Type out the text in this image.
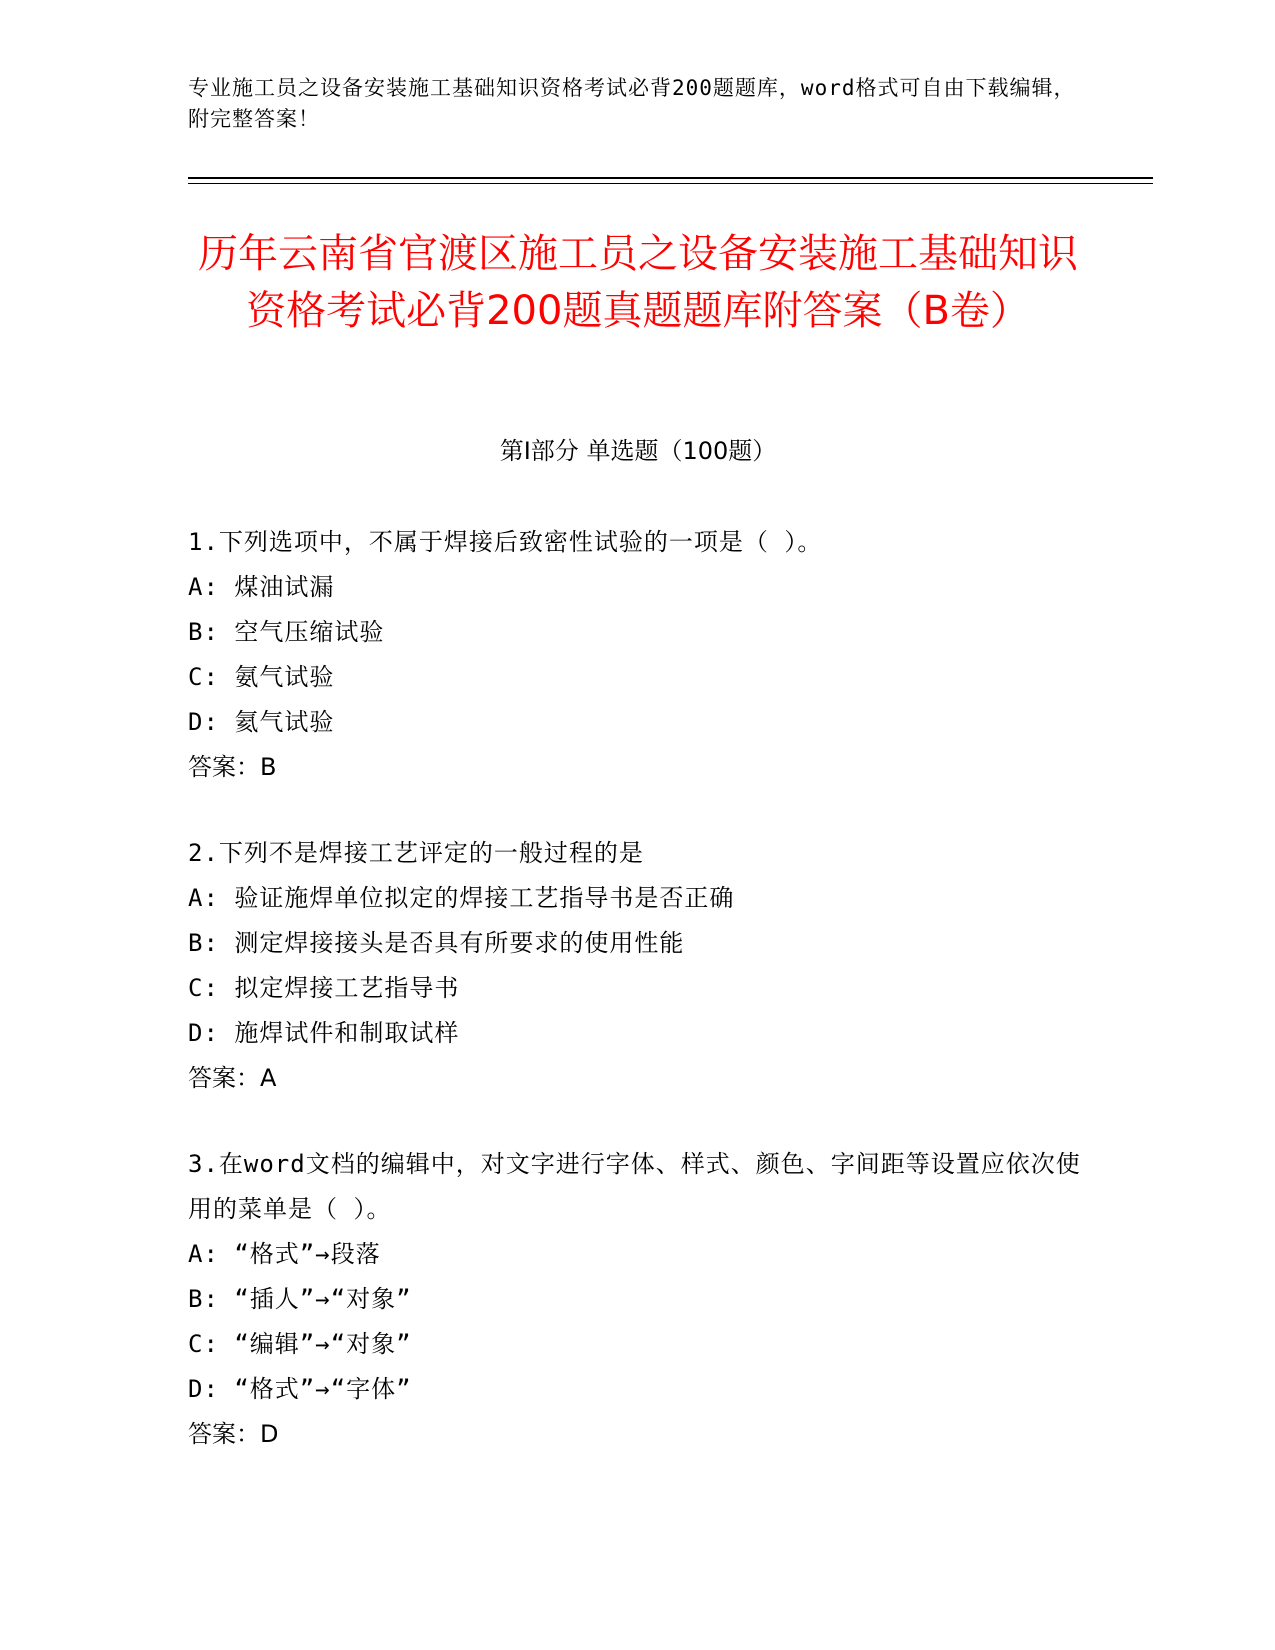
专业施工员之设备安装施工基础知识资格考试必背200题题库，word格式可自由下载编辑，附完整答案！
历年云南省官渡区施工员之设备安装施工基础知识资格考试必背200题真题题库附答案（B卷）
第Ⅰ部分 单选题（100题）
1.下列选项中，不属于焊接后致密性试验的一项是（ ）。
A: 煤油试漏
B: 空气压缩试验
C: 氨气试验
D: 氦气试验
答案：B
2.下列不是焊接工艺评定的一般过程的是
A: 验证施焊单位拟定的焊接工艺指导书是否正确
B: 测定焊接接头是否具有所要求的使用性能
C: 拟定焊接工艺指导书
D: 施焊试件和制取试样
答案：A
3.在word文档的编辑中，对文字进行字体、样式、颜色、字间距等设置应依次使用的菜单是（ ）。
A: “格式”→段落
B: “插人”→“对象”
C: “编辑”→“对象”
D: “格式”→“字体”
答案：D
